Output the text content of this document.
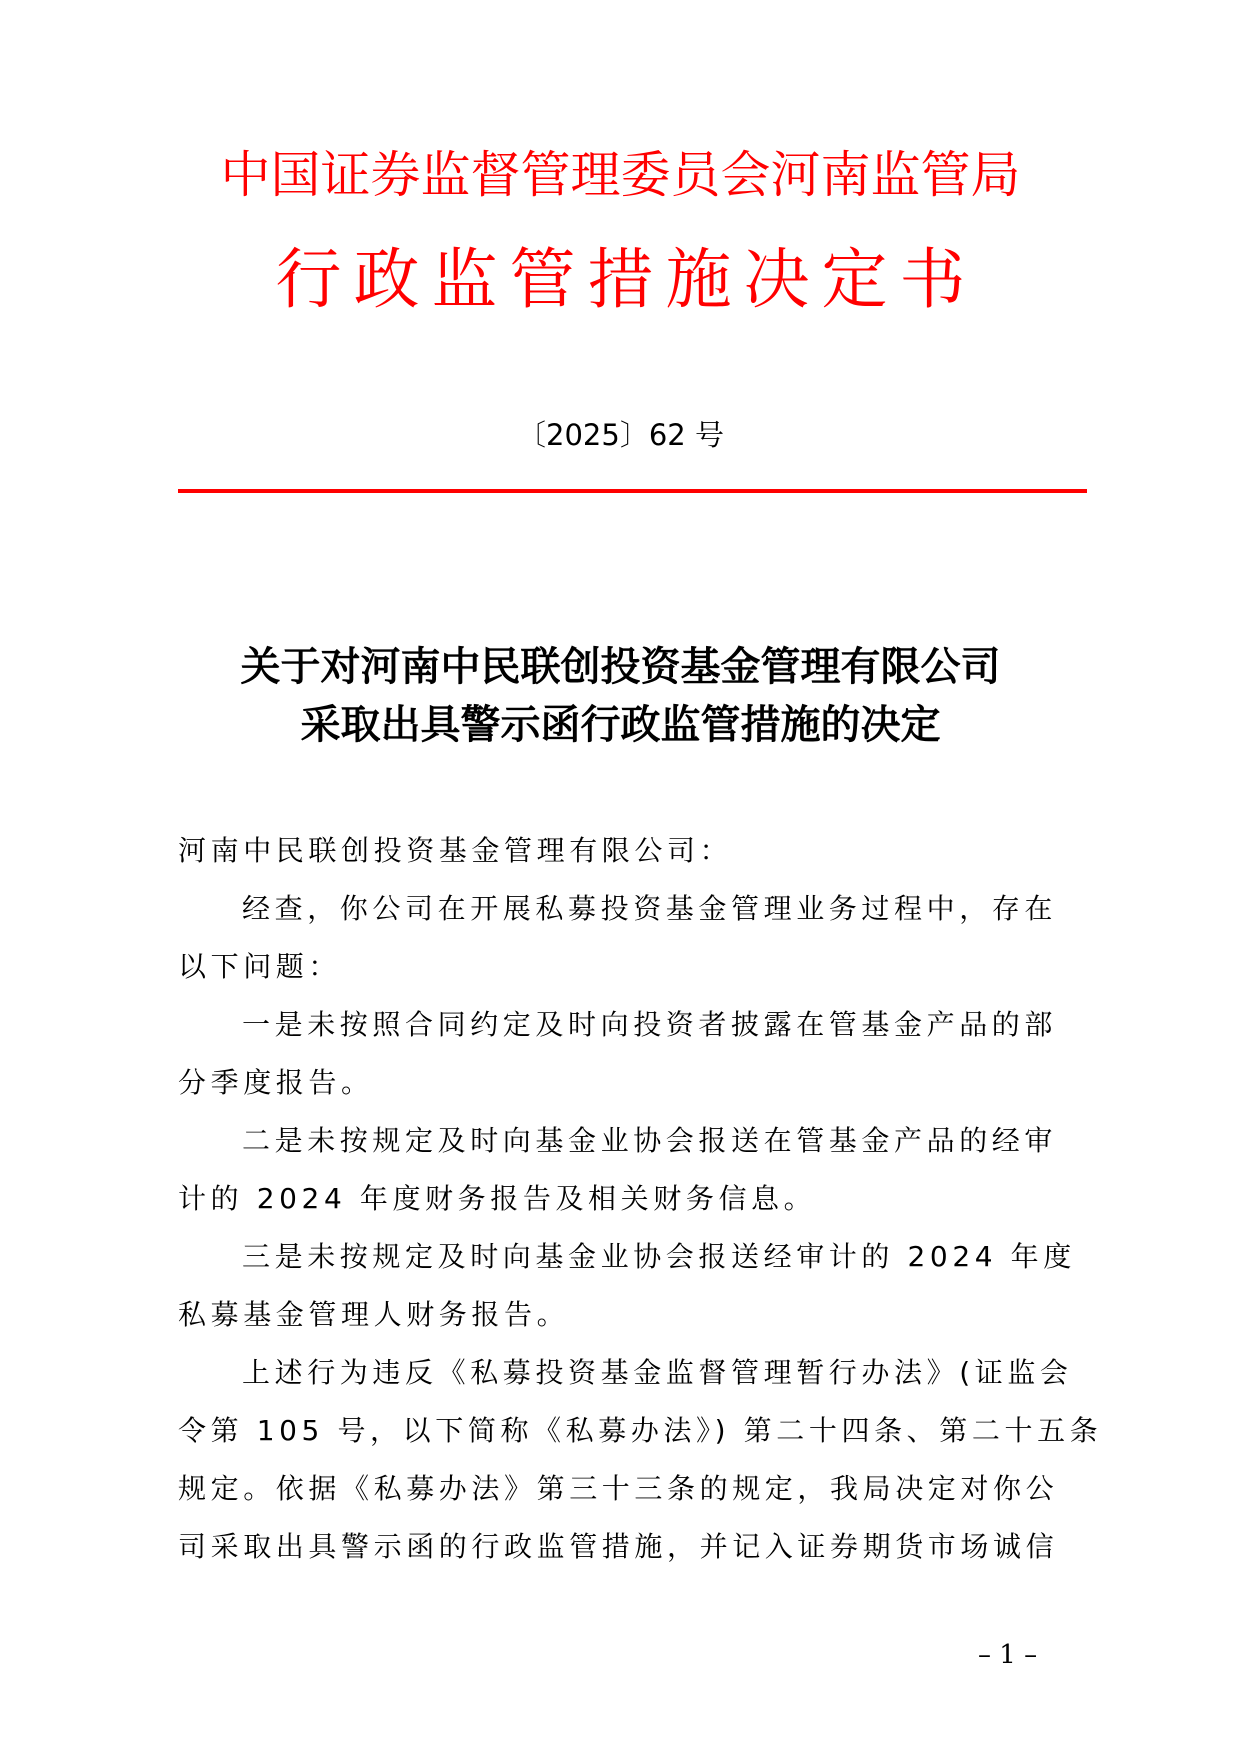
中国证券监督管理委员会河南监管局
行政监管措施决定书
〔2025〕62 号
关于对河南中民联创投资基金管理有限公司
采取出具警示函行政监管措施的决定
河南中民联创投资基金管理有限公司：
经查，你公司在开展私募投资基金管理业务过程中，存在
以下问题：
一是未按照合同约定及时向投资者披露在管基金产品的部
分季度报告。
二是未按规定及时向基金业协会报送在管基金产品的经审
计的 2024 年度财务报告及相关财务信息。
三是未按规定及时向基金业协会报送经审计的 2024 年度
私募基金管理人财务报告。
上述行为违反《私募投资基金监督管理暂行办法》(证监会
令第 105 号，以下简称《私募办法》) 第二十四条、第二十五条
规定。依据《私募办法》第三十三条的规定，我局决定对你公
司采取出具警示函的行政监管措施，并记入证券期货市场诚信
– 1 –
